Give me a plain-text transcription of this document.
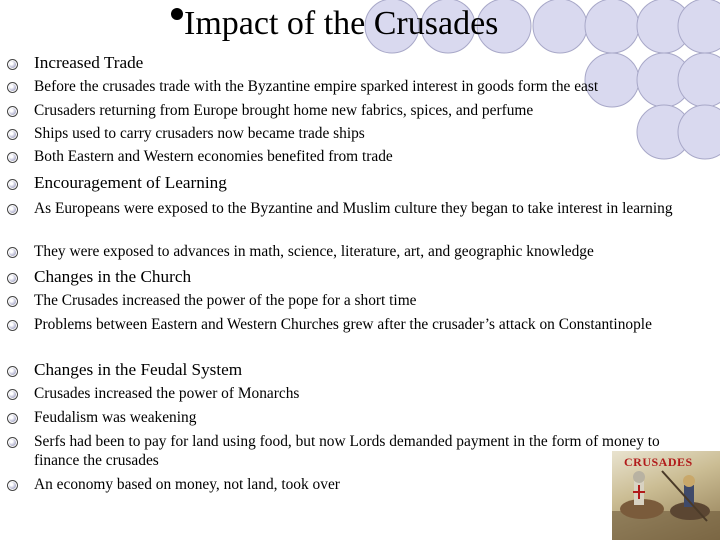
Impact of the Crusades
Increased Trade
Before the crusades trade with the Byzantine empire sparked interest in goods form the east
Crusaders returning from Europe brought home new fabrics, spices, and perfume
Ships used to carry crusaders now became trade ships
Both Eastern and Western economies benefited from trade
Encouragement of Learning
As Europeans were exposed to the Byzantine and Muslim culture they began to take interest in learning
They were exposed to advances in math, science, literature, art, and geographic knowledge
Changes in the Church
The Crusades increased the power of the pope for a short time
Problems between Eastern and Western Churches grew after the crusader’s attack on Constantinople
Changes in the Feudal System
Crusades increased the power of Monarchs
Feudalism was weakening
Serfs had been to pay for land using food, but now Lords demanded payment in the form of money to finance the crusades
An economy based on money, not land, took over
CRUSADES
